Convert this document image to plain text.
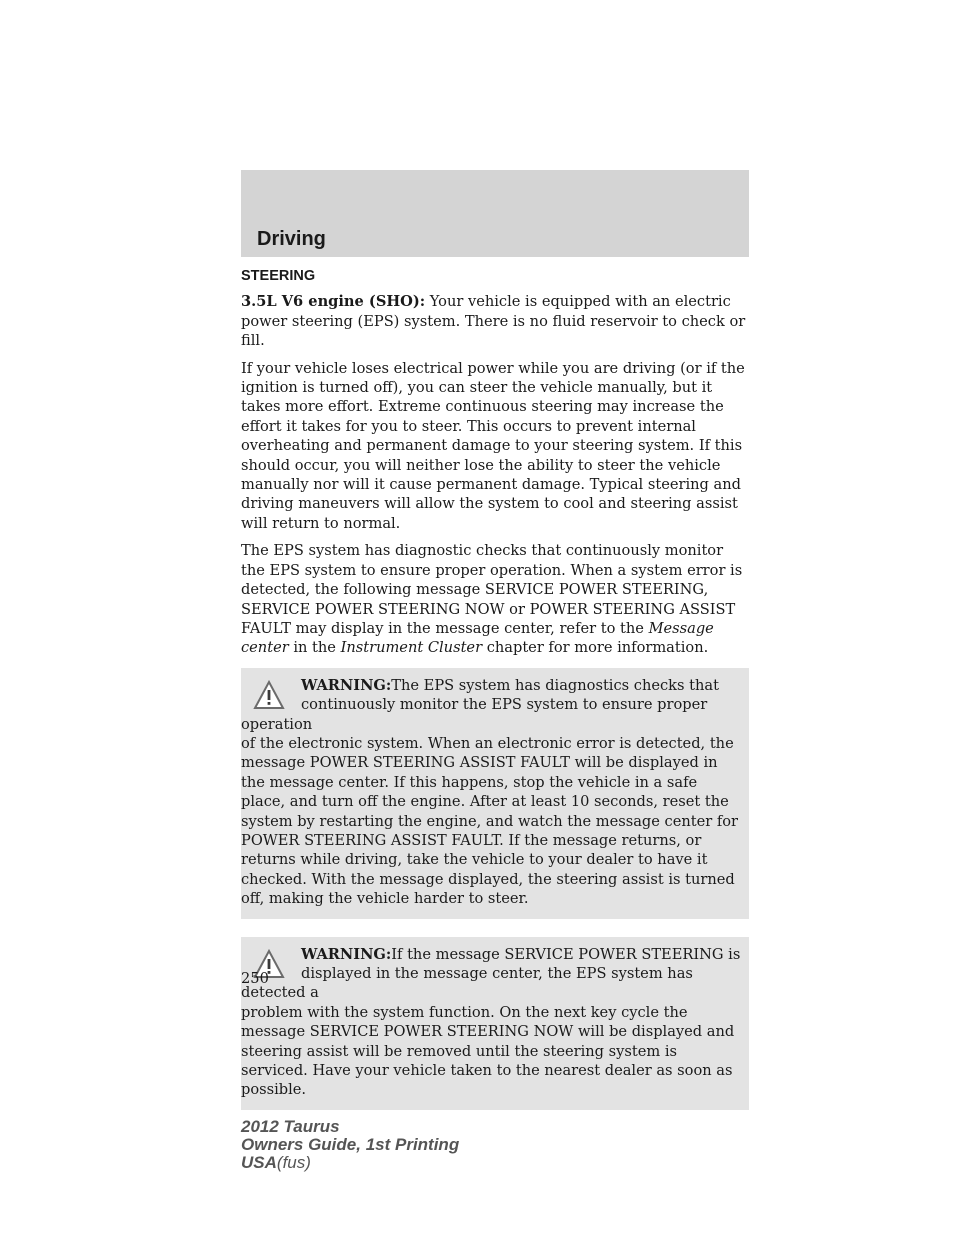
Driving
STEERING

3.5L V6 engine (SHO): Your vehicle is equipped with an electric power steering (EPS) system. There is no fluid reservoir to check or fill.

If your vehicle loses electrical power while you are driving (or if the ignition is turned off), you can steer the vehicle manually, but it takes more effort. Extreme continuous steering may increase the effort it takes for you to steer. This occurs to prevent internal overheating and permanent damage to your steering system. If this should occur, you will neither lose the ability to steer the vehicle manually nor will it cause permanent damage. Typical steering and driving maneuvers will allow the system to cool and steering assist will return to normal.

The EPS system has diagnostic checks that continuously monitor the EPS system to ensure proper operation. When a system error is detected, the following message SERVICE POWER STEERING, SERVICE POWER STEERING NOW or POWER STEERING ASSIST FAULT may display in the message center, refer to the Message center in the Instrument Cluster chapter for more information.

WARNING:The EPS system has diagnostics checks that
continuously monitor the EPS system to ensure proper operation

of the electronic system. When an electronic error is detected, the message POWER STEERING ASSIST FAULT will be displayed in the message center. If this happens, stop the vehicle in a safe place, and turn off the engine. After at least 10 seconds, reset the system by restarting the engine, and watch the message center for POWER STEERING ASSIST FAULT. If the message returns, or returns while driving, take the vehicle to your dealer to have it checked. With the message displayed, the steering assist is turned off, making the vehicle harder to steer.

WARNING:If the message SERVICE POWER STEERING is
displayed in the message center, the EPS system has detected a

problem with the system function. On the next key cycle the message SERVICE POWER STEERING NOW will be displayed and steering assist will be removed until the steering system is serviced. Have your vehicle taken to the nearest dealer as soon as possible.

250
2012 Taurus
Owners Guide, 1st Printing
USA(fus)
